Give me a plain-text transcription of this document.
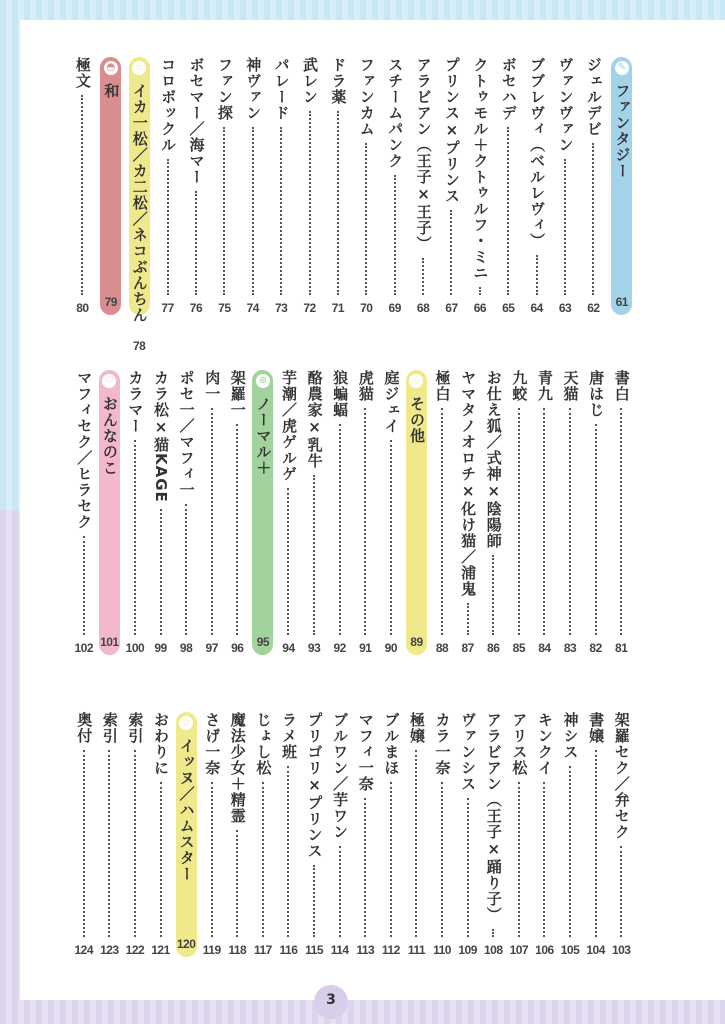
✎
ファンタジー
61
ジェルデビ
62
ヴァンヴァン
63
ブブレヴィ（ベルレヴィ）
64
ボセハデ
65
クトゥモル＋クトゥルフ・ミニ
66
プリンス×プリンス
67
アラビアン（王子×王子）
68
スチームパンク
69
ファンカム
70
ドラ薬
71
武レン
72
パレード
73
神ヴァン
74
ファン探
75
ボセマー／海マー
76
コロボックル
77
☆
イカ一松／カ二松／ネコぶんちん
78
◓
和
79
極文
80
書白
81
唐はじ
82
天猫
83
青九
84
九蛟
85
お仕え狐／式神×陰陽師
86
ヤマタノオロチ×化け猫／浦鬼
87
極白
88
☆
その他
89
庭ジェイ
90
虎猫
91
狼蝙蝠
92
酪農家×乳牛
93
芋潮／虎ゲルゲ
94
⊕
ノーマル＋
95
架羅一
96
肉一
97
ポセ一／マフィ一
98
カラ松×猫KAGE
99
カラマー
100
♡
おんなのこ
101
マフィセク／ヒラセク
102
架羅セク／弁セク
103
書嬢
104
神シス
105
キンクイ
106
アリス松
107
アラビアン（王子×踊り子）
108
ヴァンシス
109
カラ一奈
110
極嬢
111
ブルまほ
112
マフィ一奈
113
ブルワン／芋ワン
114
プリゴリ×プリンス
115
ラメ班
116
じょし松
117
魔法少女＋精霊
118
さげ一奈
119
☆
イッヌ／ハムスター
120
おわりに
121
索引
122
索引
123
奥付
124
3
